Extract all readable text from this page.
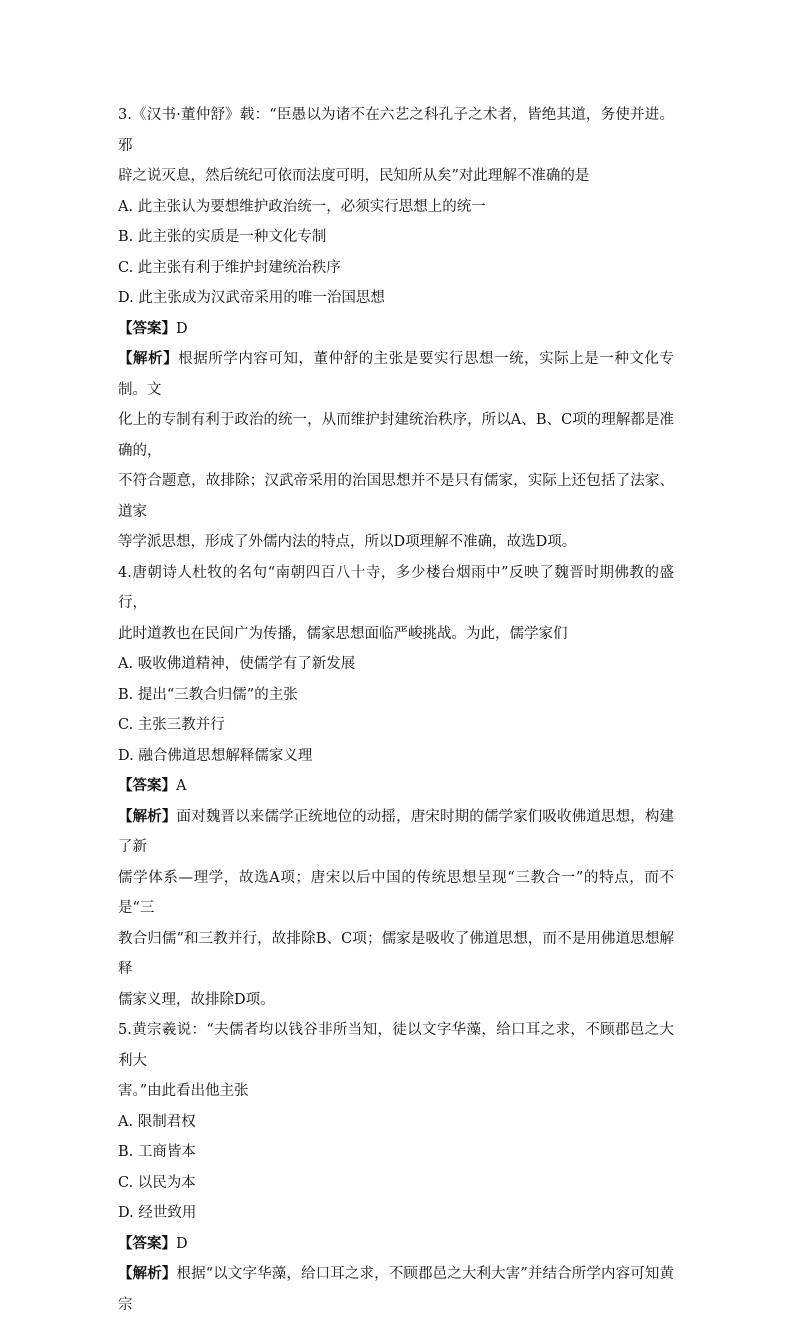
3.《汉书·董仲舒》载：“臣愚以为诸不在六艺之科孔子之术者，皆绝其道，务使并进。邪
辟之说灭息，然后统纪可依而法度可明，民知所从矣”对此理解不准确的是

A. 此主张认为要想维护政治统一，必须实行思想上的统一

B. 此主张的实质是一种文化专制

C. 此主张有利于维护封建统治秩序

D. 此主张成为汉武帝采用的唯一治国思想

【答案】D

【解析】根据所学内容可知，董仲舒的主张是要实行思想一统，实际上是一种文化专制。文
化上的专制有利于政治的统一，从而维护封建统治秩序，所以A、B、C项的理解都是准确的，
不符合题意，故排除；汉武帝采用的治国思想并不是只有儒家，实际上还包括了法家、道家
等学派思想，形成了外儒内法的特点，所以D项理解不准确，故选D项。

4.唐朝诗人杜牧的名句“南朝四百八十寺，多少楼台烟雨中”反映了魏晋时期佛教的盛行，
此时道教也在民间广为传播，儒家思想面临严峻挑战。为此，儒学家们

A. 吸收佛道精神，使儒学有了新发展

B. 提出“三教合归儒”的主张

C. 主张三教并行

D. 融合佛道思想解释儒家义理

【答案】A

【解析】面对魏晋以来儒学正统地位的动摇，唐宋时期的儒学家们吸收佛道思想，构建了新
儒学体系—理学，故选A项；唐宋以后中国的传统思想呈现“三教合一”的特点，而不是“三
教合归儒”和三教并行，故排除B、C项；儒家是吸收了佛道思想，而不是用佛道思想解释
儒家义理，故排除D项。

5.黄宗羲说：“夫儒者均以钱谷非所当知，徒以文字华藻，给口耳之求，不顾郡邑之大利大
害。”由此看出他主张

A. 限制君权

B. 工商皆本

C. 以民为本

D. 经世致用

【答案】D

【解析】根据“以文字华藻，给口耳之求，不顾郡邑之大利大害”并结合所学内容可知黄宗
